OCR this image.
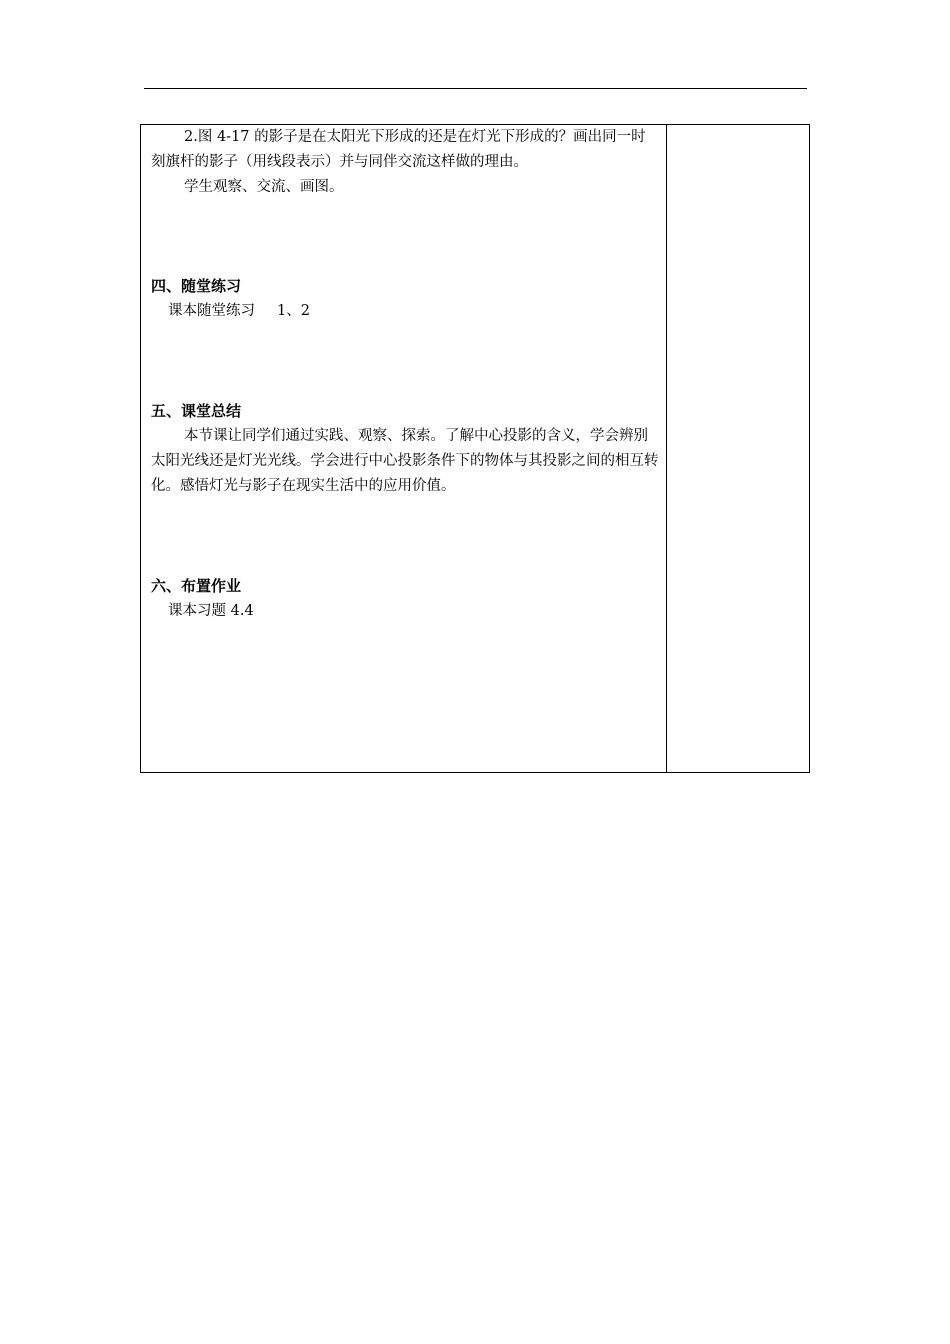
2.图 4-17 的影子是在太阳光下形成的还是在灯光下形成的？画出同一时刻旗杆的影子（用线段表示）并与同伴交流这样做的理由。

学生观察、交流、画图。

四、随堂练习

课本随堂练习 1、2

五、课堂总结

本节课让同学们通过实践、观察、探索。了解中心投影的含义，学会辨别太阳光线还是灯光光线。学会进行中心投影条件下的物体与其投影之间的相互转化。感悟灯光与影子在现实生活中的应用价值。

六、布置作业

课本习题 4.4
